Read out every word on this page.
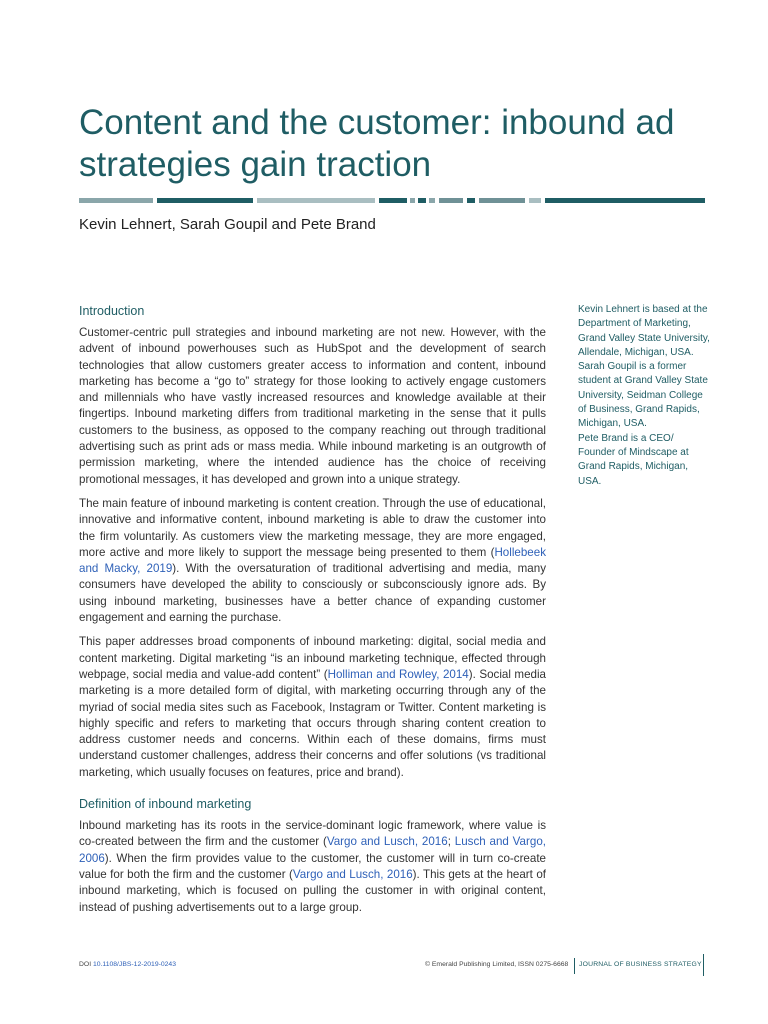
Content and the customer: inbound ad
strategies gain traction
Kevin Lehnert, Sarah Goupil and Pete Brand

Kevin Lehnert is based at the Department of Marketing, Grand Valley State University, Allendale, Michigan, USA.

Sarah Goupil is a former student at Grand Valley State University, Seidman College of Business, Grand Rapids, Michigan, USA.

Pete Brand is a CEO/ Founder of Mindscape at Grand Rapids, Michigan, USA.

Introduction

Customer-centric pull strategies and inbound marketing are not new. However, with the advent of inbound powerhouses such as HubSpot and the development of search technologies that allow customers greater access to information and content, inbound marketing has become a “go to” strategy for those looking to actively engage customers and millennials who have vastly increased resources and knowledge available at their fingertips. Inbound marketing differs from traditional marketing in the sense that it pulls customers to the business, as opposed to the company reaching out through traditional advertising such as print ads or mass media. While inbound marketing is an outgrowth of permission marketing, where the intended audience has the choice of receiving promotional messages, it has developed and grown into a unique strategy.

The main feature of inbound marketing is content creation. Through the use of educational, innovative and informative content, inbound marketing is able to draw the customer into the firm voluntarily. As customers view the marketing message, they are more engaged, more active and more likely to support the message being presented to them (Hollebeek and Macky, 2019). With the oversaturation of traditional advertising and media, many consumers have developed the ability to consciously or subconsciously ignore ads. By using inbound marketing, businesses have a better chance of expanding customer engagement and earning the purchase.

This paper addresses broad components of inbound marketing: digital, social media and content marketing. Digital marketing “is an inbound marketing technique, effected through webpage, social media and value-add content” (Holliman and Rowley, 2014). Social media marketing is a more detailed form of digital, with marketing occurring through any of the myriad of social media sites such as Facebook, Instagram or Twitter. Content marketing is highly specific and refers to marketing that occurs through sharing content creation to address customer needs and concerns. Within each of these domains, firms must understand customer challenges, address their concerns and offer solutions (vs traditional marketing, which usually focuses on features, price and brand).

Definition of inbound marketing

Inbound marketing has its roots in the service-dominant logic framework, where value is co-created between the firm and the customer (Vargo and Lusch, 2016; Lusch and Vargo, 2006). When the firm provides value to the customer, the customer will in turn co-create value for both the firm and the customer (Vargo and Lusch, 2016). This gets at the heart of inbound marketing, which is focused on pulling the customer in with original content, instead of pushing advertisements out to a large group.

DOI 10.1108/JBS-12-2019-0243	© Emerald Publishing Limited, ISSN 0275-6668 JOURNAL OF BUSINESS STRATEGY
